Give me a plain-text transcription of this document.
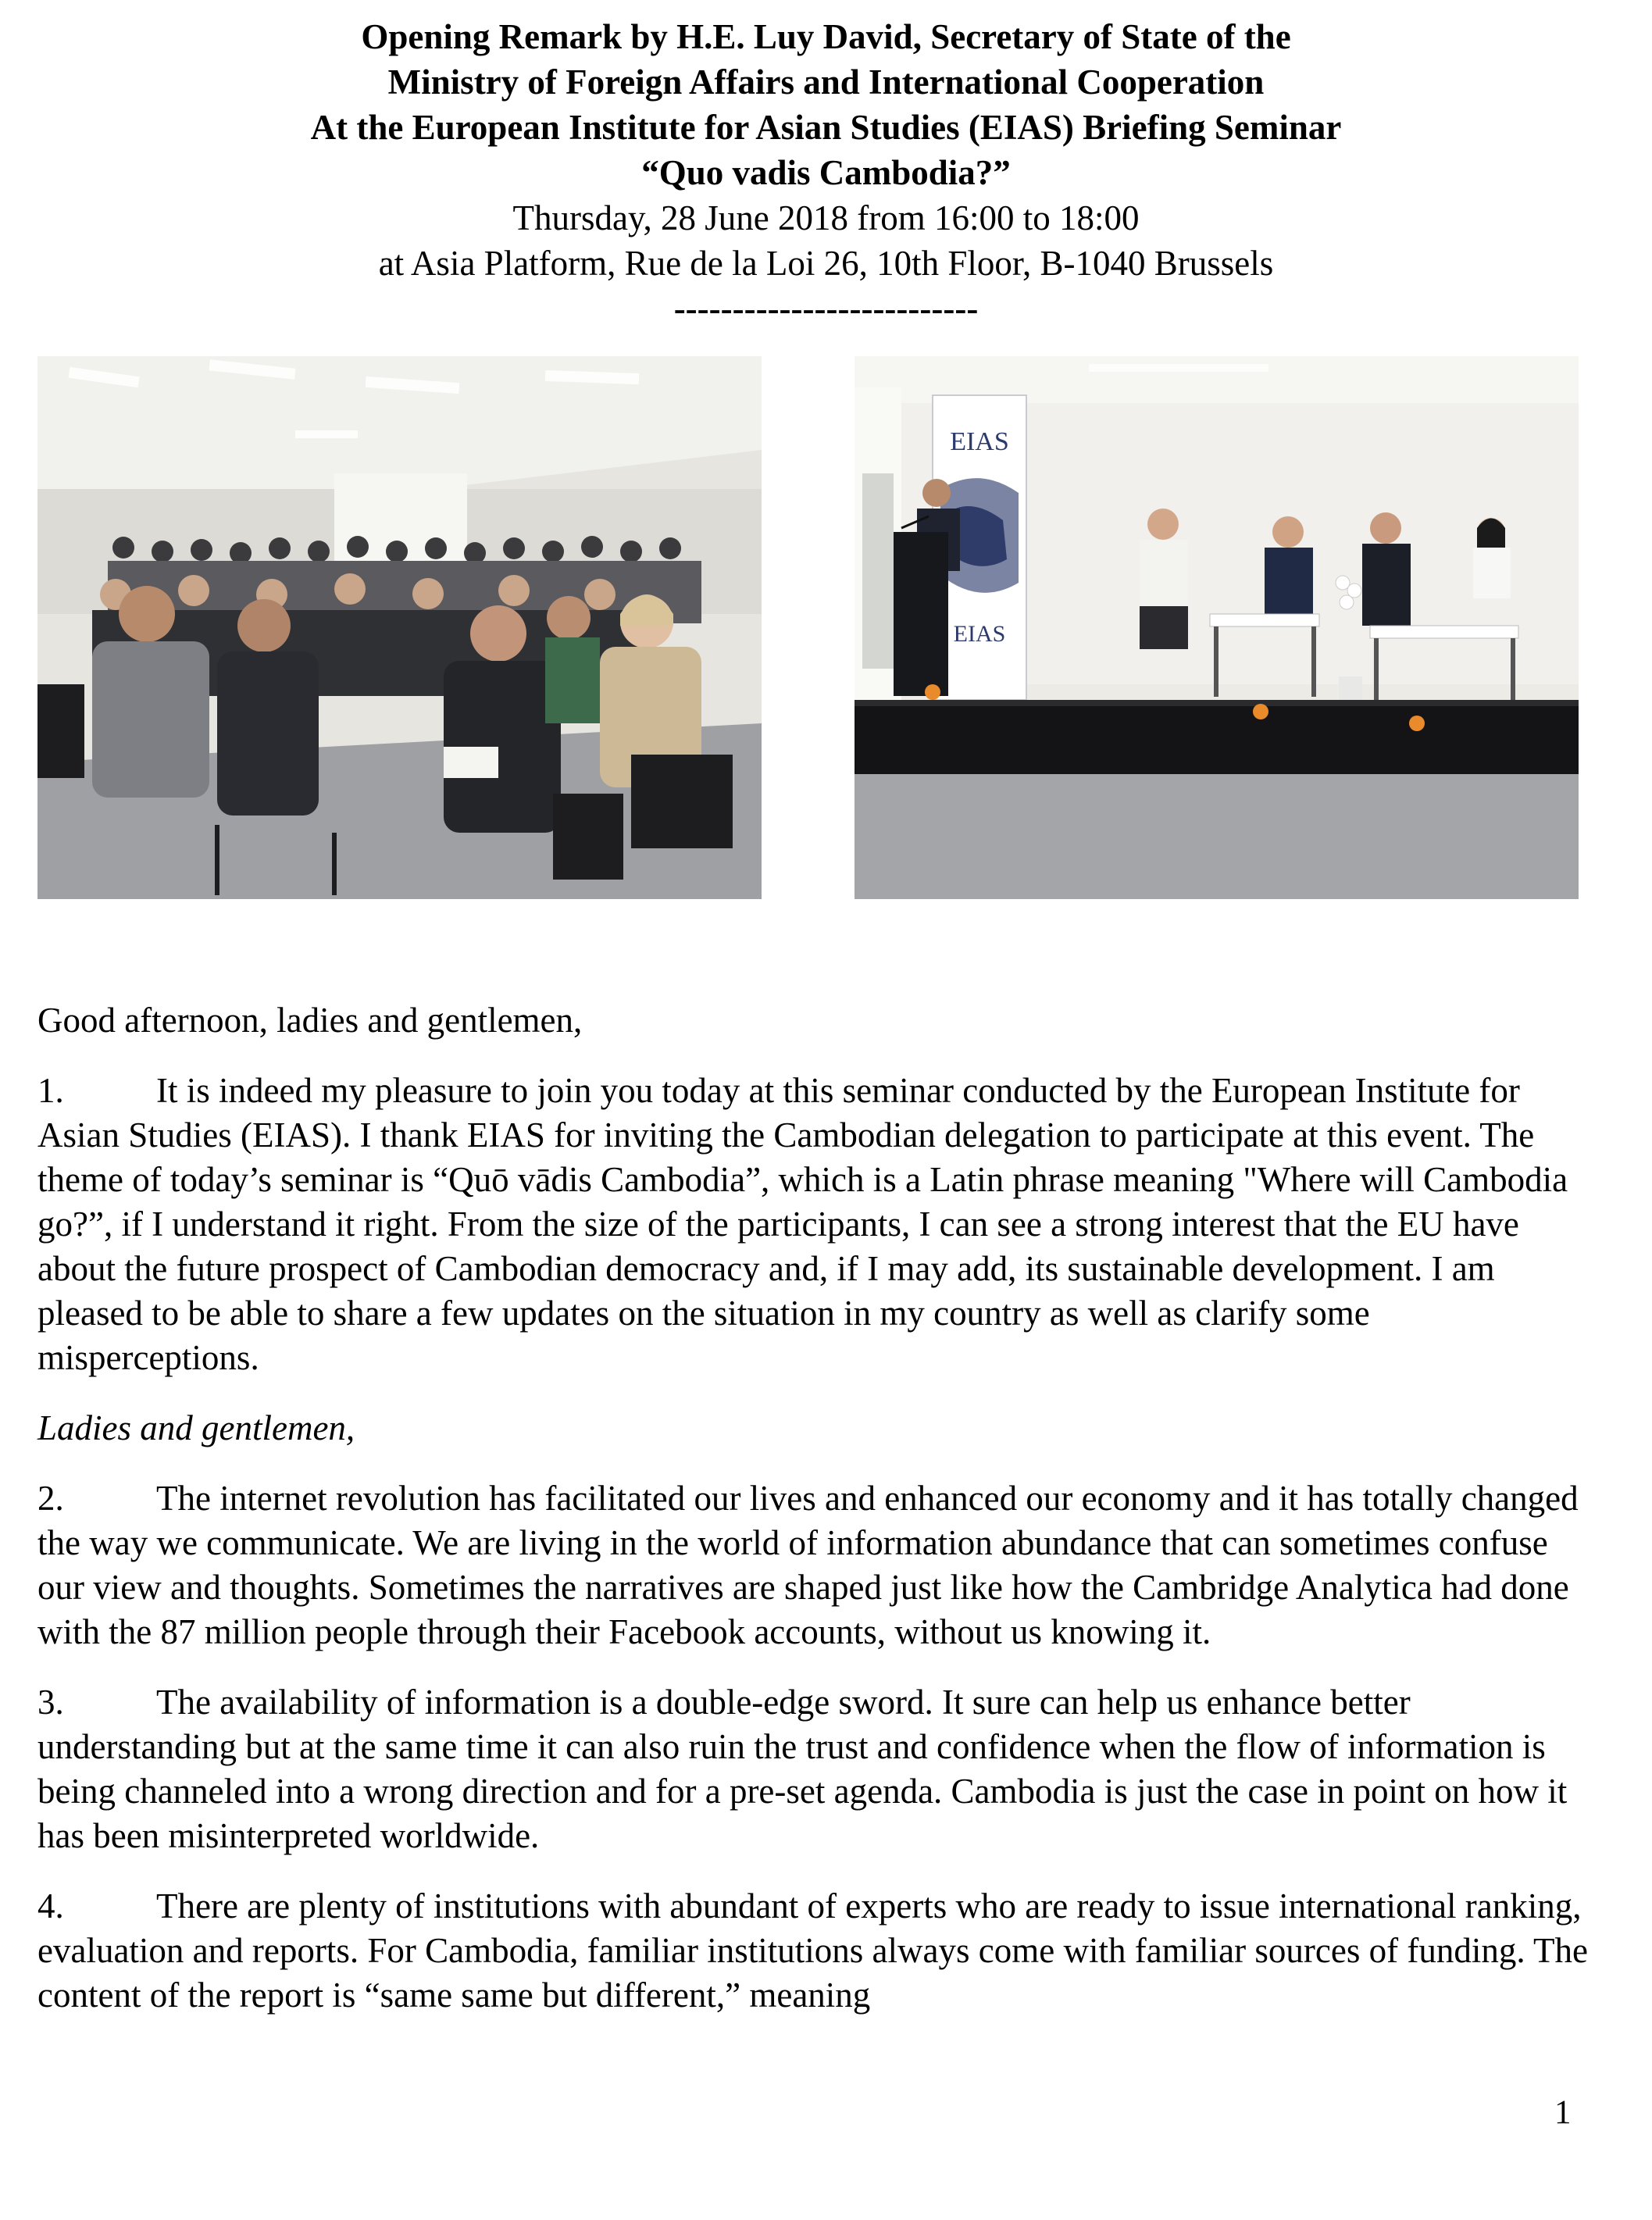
Opening Remark by H.E. Luy David, Secretary of State of the
Ministry of Foreign Affairs and International Cooperation
At the European Institute for Asian Studies (EIAS) Briefing Seminar
“Quo vadis Cambodia?”
Thursday, 28 June 2018 from 16:00 to 18:00
at Asia Platform, Rue de la Loi 26, 10th Floor, B-1040 Brussels
--------------------------
EIAS
EIAS

Good afternoon, ladies and gentlemen,

1.	It is indeed my pleasure to join you today at this seminar conducted by the European Institute for Asian Studies (EIAS). I thank EIAS for inviting the Cambodian delegation to participate at this event. The theme of today’s seminar is “Quō vādis Cambodia”, which is a Latin phrase meaning "Where will Cambodia go?”, if I understand it right. From the size of the participants, I can see a strong interest that the EU have about the future prospect of Cambodian democracy and, if I may add, its sustainable development. I am pleased to be able to share a few updates on the situation in my country as well as clarify some misperceptions.

Ladies and gentlemen,

2.	The internet revolution has facilitated our lives and enhanced our economy and it has totally changed the way we communicate. We are living in the world of information abundance that can sometimes confuse our view and thoughts. Sometimes the narratives are shaped just like how the Cambridge Analytica had done with the 87 million people through their Facebook accounts, without us knowing it.

3.	The availability of information is a double-edge sword. It sure can help us enhance better understanding but at the same time it can also ruin the trust and confidence when the flow of information is being channeled into a wrong direction and for a pre-set agenda. Cambodia is just the case in point on how it has been misinterpreted worldwide.

4.	There are plenty of institutions with abundant of experts who are ready to issue international ranking, evaluation and reports. For Cambodia, familiar institutions always come with familiar sources of funding. The content of the report is “same same but different,” meaning

1
